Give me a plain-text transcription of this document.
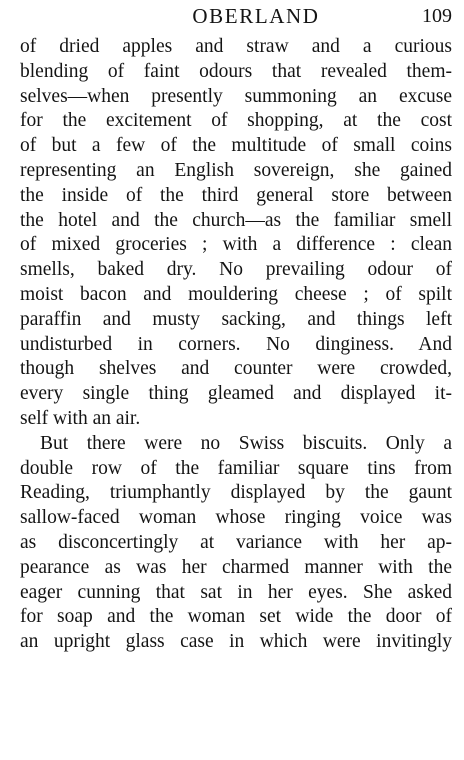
OBERLAND	109
of dried apples and straw and a curious
blending of faint odours that revealed them-
selves—when presently summoning an excuse
for the excitement of shopping, at the cost
of but a few of the multitude of small coins
representing an English sovereign, she gained
the inside of the third general store between
the hotel and the church—as the familiar smell
of mixed groceries ; with a difference : clean
smells, baked dry. No prevailing odour of
moist bacon and mouldering cheese ; of spilt
paraffin and musty sacking, and things left
undisturbed in corners. No dinginess. And
though shelves and counter were crowded,
every single thing gleamed and displayed it-
self with an air.
But there were no Swiss biscuits. Only a
double row of the familiar square tins from
Reading, triumphantly displayed by the gaunt
sallow-faced woman whose ringing voice was
as disconcertingly at variance with her ap-
pearance as was her charmed manner with the
eager cunning that sat in her eyes. She asked
for soap and the woman set wide the door of
an upright glass case in which were invitingly
